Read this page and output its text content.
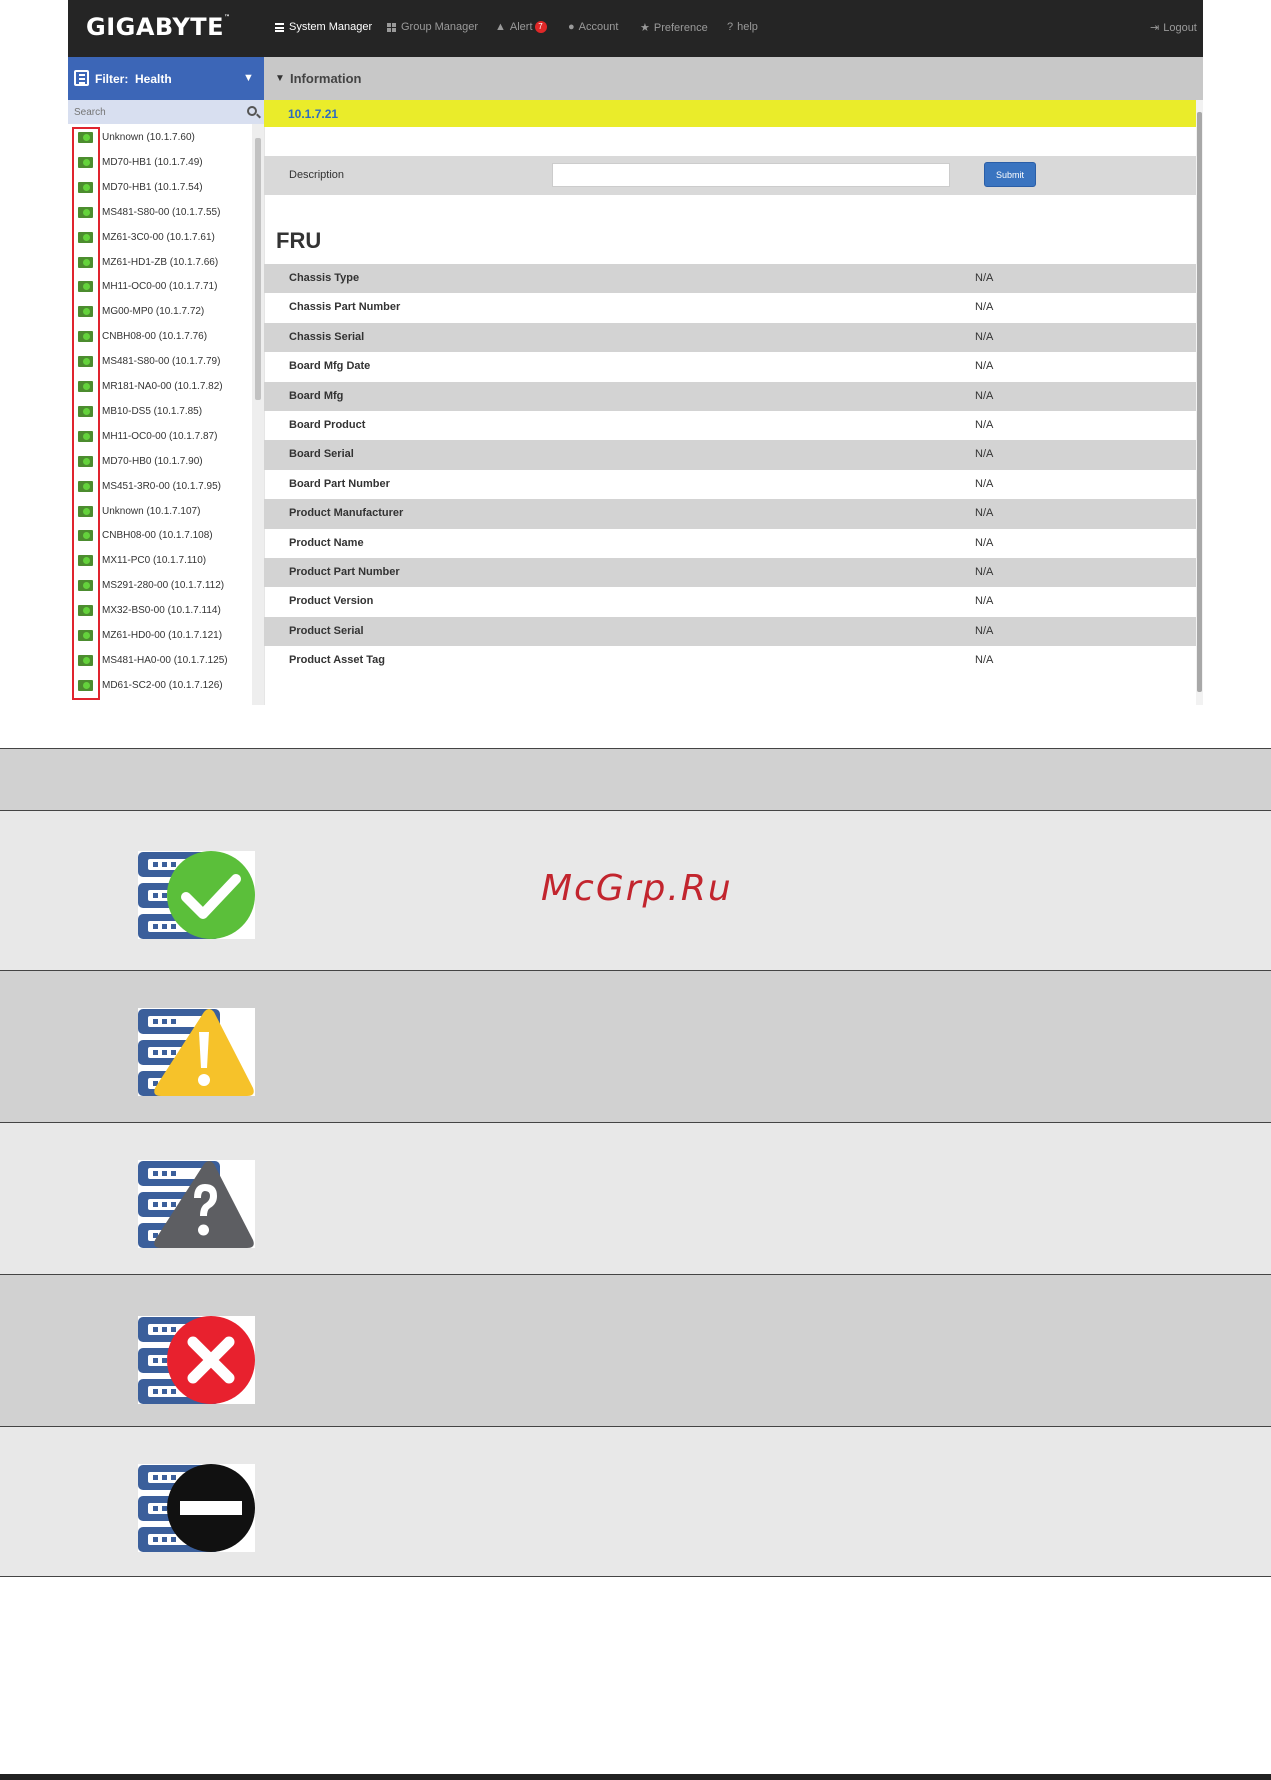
GIGABYTE™
System Manager	Group Manager ▲ Alert 7	● Account ★ Preference ? help	⇥ Logout
Filter: Health	▼
Search
Unknown (10.1.7.60)
MD70-HB1 (10.1.7.49)
MD70-HB1 (10.1.7.54)
MS481-S80-00 (10.1.7.55)
MZ61-3C0-00 (10.1.7.61)
MZ61-HD1-ZB (10.1.7.66)
MH11-OC0-00 (10.1.7.71)
MG00-MP0 (10.1.7.72)
CNBH08-00 (10.1.7.76)
MS481-S80-00 (10.1.7.79)
MR181-NA0-00 (10.1.7.82)
MB10-DS5 (10.1.7.85)
MH11-OC0-00 (10.1.7.87)
MD70-HB0 (10.1.7.90)
MS451-3R0-00 (10.1.7.95)
Unknown (10.1.7.107)
CNBH08-00 (10.1.7.108)
MX11-PC0 (10.1.7.110)
MS291-280-00 (10.1.7.112)
MX32-BS0-00 (10.1.7.114)
MZ61-HD0-00 (10.1.7.121)
MS481-HA0-00 (10.1.7.125)
MD61-SC2-00 (10.1.7.126)
▼ Information
10.1.7.21
Description	Submit
FRU
Chassis Type	N/A
Chassis Part Number	N/A
Chassis Serial	N/A
Board Mfg Date	N/A
Board Mfg	N/A
Board Product	N/A
Board Serial	N/A
Board Part Number	N/A
Product Manufacturer	N/A
Product Name	N/A
Product Part Number	N/A
Product Version	N/A
Product Serial	N/A
Product Asset Tag	N/A
McGrp.Ru
